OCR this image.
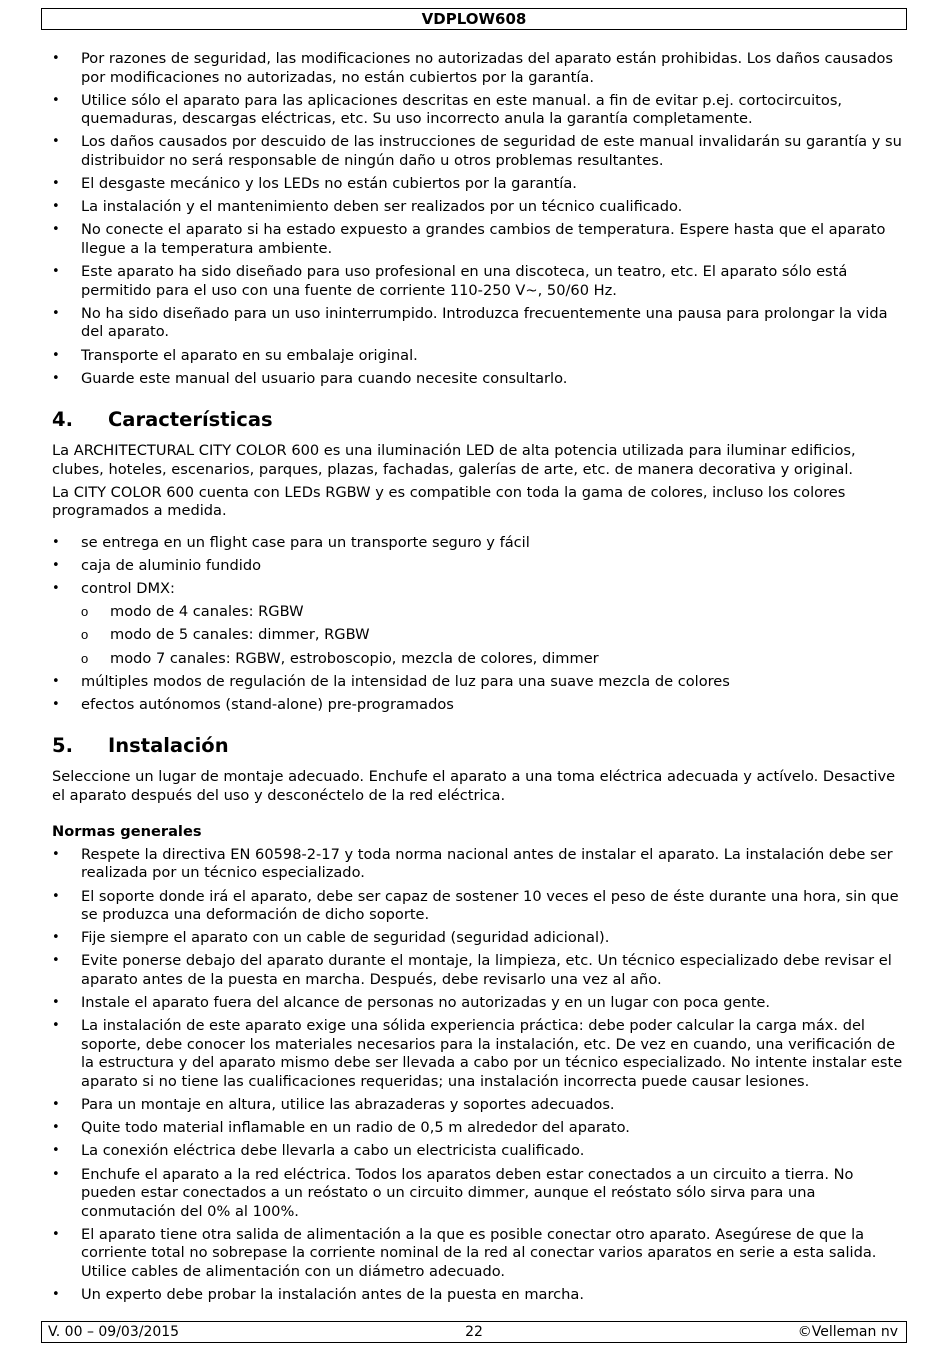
VDPLOW608
• Por razones de seguridad, las modificaciones no autorizadas del aparato están prohibidas. Los daños causados por modificaciones no autorizadas, no están cubiertos por la garantía.
• Utilice sólo el aparato para las aplicaciones descritas en este manual. a fin de evitar p.ej. cortocircuitos, quemaduras, descargas eléctricas, etc. Su uso incorrecto anula la garantía completamente.
• Los daños causados por descuido de las instrucciones de seguridad de este manual invalidarán su garantía y su distribuidor no será responsable de ningún daño u otros problemas resultantes.
• El desgaste mecánico y los LEDs no están cubiertos por la garantía.
• La instalación y el mantenimiento deben ser realizados por un técnico cualificado.
• No conecte el aparato si ha estado expuesto a grandes cambios de temperatura. Espere hasta que el aparato llegue a la temperatura ambiente.
• Este aparato ha sido diseñado para uso profesional en una discoteca, un teatro, etc. El aparato sólo está permitido para el uso con una fuente de corriente 110-250 V~, 50/60 Hz.
• No ha sido diseñado para un uso ininterrumpido. Introduzca frecuentemente una pausa para prolongar la vida del aparato.
• Transporte el aparato en su embalaje original.
• Guarde este manual del usuario para cuando necesite consultarlo.
4.	Características

La ARCHITECTURAL CITY COLOR 600 es una iluminación LED de alta potencia utilizada para iluminar edificios, clubes, hoteles, escenarios, parques, plazas, fachadas, galerías de arte, etc. de manera decorativa y original.

La CITY COLOR 600 cuenta con LEDs RGBW y es compatible con toda la gama de colores, incluso los colores programados a medida.

• se entrega en un flight case para un transporte seguro y fácil
• caja de aluminio fundido
• control DMX:
o modo de 4 canales: RGBW
o modo de 5 canales: dimmer, RGBW
o modo 7 canales: RGBW, estroboscopio, mezcla de colores, dimmer
• múltiples modos de regulación de la intensidad de luz para una suave mezcla de colores
• efectos autónomos (stand-alone) pre-programados
5.	Instalación

Seleccione un lugar de montaje adecuado. Enchufe el aparato a una toma eléctrica adecuada y actívelo. Desactive el aparato después del uso y desconéctelo de la red eléctrica.

Normas generales
• Respete la directiva EN 60598-2-17 y toda norma nacional antes de instalar el aparato. La instalación debe ser realizada por un técnico especializado.
• El soporte donde irá el aparato, debe ser capaz de sostener 10 veces el peso de éste durante una hora, sin que se produzca una deformación de dicho soporte.
• Fije siempre el aparato con un cable de seguridad (seguridad adicional).
• Evite ponerse debajo del aparato durante el montaje, la limpieza, etc. Un técnico especializado debe revisar el aparato antes de la puesta en marcha. Después, debe revisarlo una vez al año.
• Instale el aparato fuera del alcance de personas no autorizadas y en un lugar con poca gente.
• La instalación de este aparato exige una sólida experiencia práctica: debe poder calcular la carga máx. del soporte, debe conocer los materiales necesarios para la instalación, etc. De vez en cuando, una verificación de la estructura y del aparato mismo debe ser llevada a cabo por un técnico especializado. No intente instalar este aparato si no tiene las cualificaciones requeridas; una instalación incorrecta puede causar lesiones.
• Para un montaje en altura, utilice las abrazaderas y soportes adecuados.
• Quite todo material inflamable en un radio de 0,5 m alrededor del aparato.
• La conexión eléctrica debe llevarla a cabo un electricista cualificado.
• Enchufe el aparato a la red eléctrica. Todos los aparatos deben estar conectados a un circuito a tierra. No pueden estar conectados a un reóstato o un circuito dimmer, aunque el reóstato sólo sirva para una conmutación del 0% al 100%.
• El aparato tiene otra salida de alimentación a la que es posible conectar otro aparato. Asegúrese de que la corriente total no sobrepase la corriente nominal de la red al conectar varios aparatos en serie a esta salida. Utilice cables de alimentación con un diámetro adecuado.
• Un experto debe probar la instalación antes de la puesta en marcha.
V. 00 – 09/03/2015	22	©Velleman nv
